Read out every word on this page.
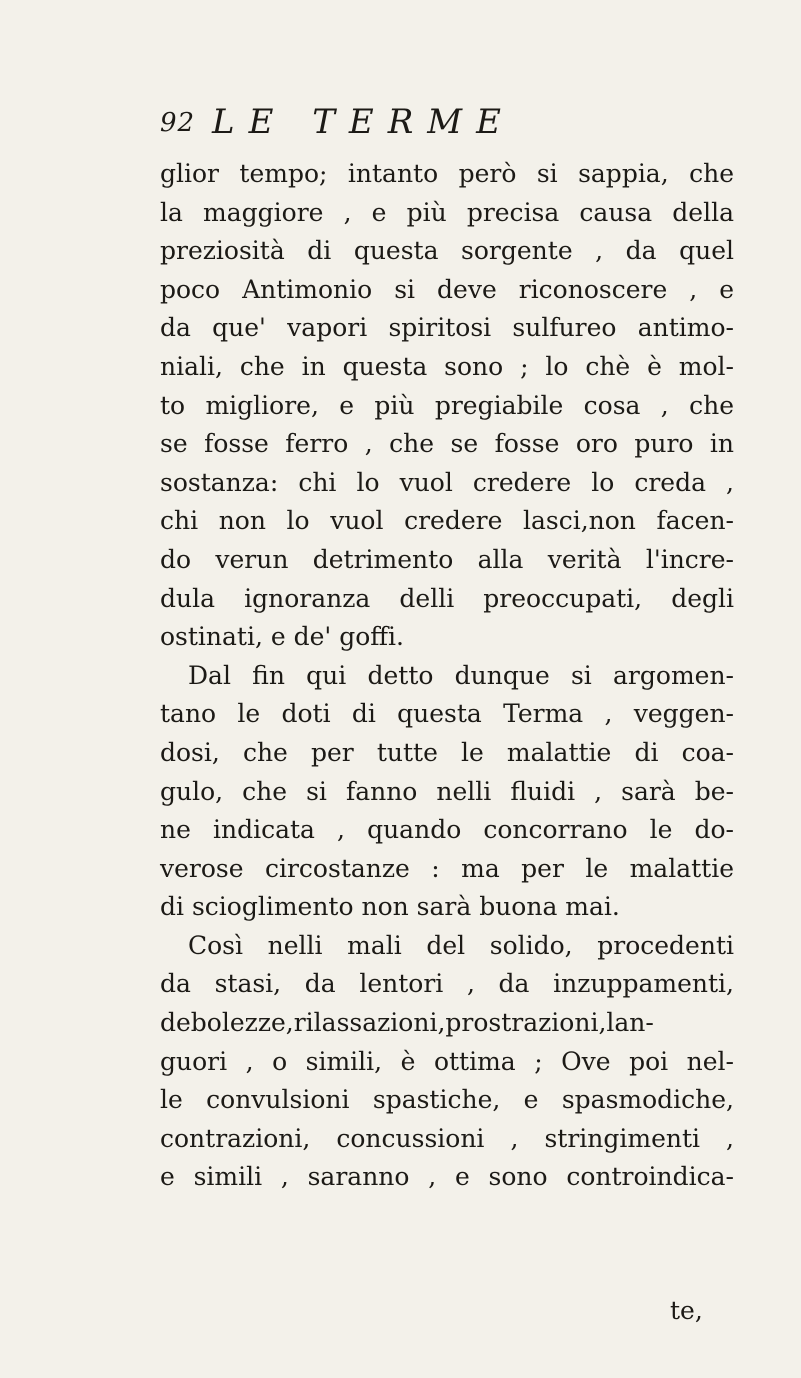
92 LE TERME
glior tempo; intanto però si sappia, che
la maggiore , e più precisa causa della
preziosità di questa sorgente , da quel
poco Antimonio si deve riconoscere , e
da que' vapori spiritosi sulfureo antimo-
niali, che in questa sono ; lo chè è mol-
to migliore, e più pregiabile cosa , che
se fosse ferro , che se fosse oro puro in
sostanza: chi lo vuol credere lo creda ,
chi non lo vuol credere lasci,non facen-
do verun detrimento alla verità l'incre-
dula ignoranza delli preoccupati, degli
ostinati, e de' goffi.
Dal fin qui detto dunque si argomen-
tano le doti di questa Terma , veggen-
dosi, che per tutte le malattie di coa-
gulo, che si fanno nelli fluidi , sarà be-
ne indicata , quando concorrano le do-
verose circostanze : ma per le malattie
di scioglimento non sarà buona mai.
Così nelli mali del solido, procedenti
da stasi, da lentori , da inzuppamenti,
debolezze,rilassazioni,prostrazioni,lan-
guori , o simili, è ottima ; Ove poi nel-
le convulsioni spastiche, e spasmodiche,
contrazioni, concussioni , stringimenti ,
e simili , saranno , e sono controindica-
te,
